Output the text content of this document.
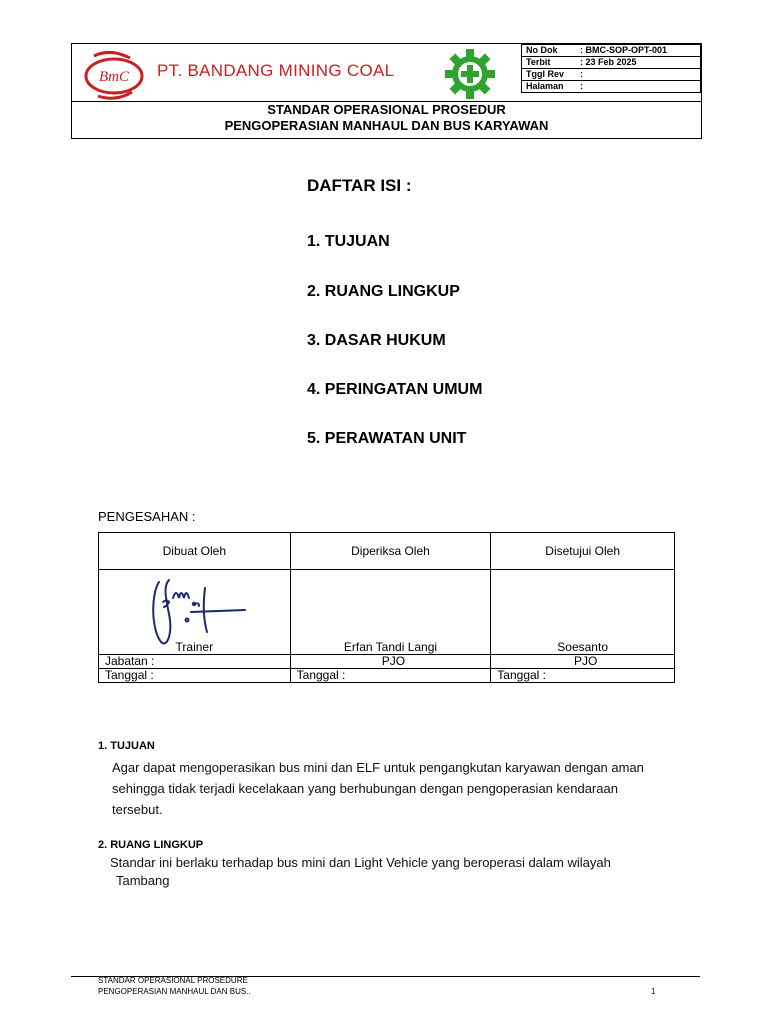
BmC PT. BANDANG MINING COAL
No Dok	: BMC-SOP-OPT-001
Terbit	: 23 Feb 2025
Tggl Rev	:
Halaman	:
STANDAR OPERASIONAL PROSEDUR
PENGOPERASIAN MANHAUL DAN BUS KARYAWAN
DAFTAR ISI :
1. TUJUAN
2. RUANG LINGKUP
3. DASAR HUKUM
4. PERINGATAN UMUM
5. PERAWATAN UNIT
PENGESAHAN :
Dibuat Oleh	Diperiksa Oleh	Disetujui Oleh

Trainer	Erfan Tandi Langi	Soesanto

Jabatan :	PJO	PJO
Tanggal :	Tanggal :	Tanggal :
1. TUJUAN
Agar dapat mengoperasikan bus mini dan ELF untuk pengangkutan karyawan dengan aman
sehingga tidak terjadi kecelakaan yang berhubungan dengan pengoperasian kendaraan
tersebut.
2. RUANG LINGKUP
Standar ini berlaku terhadap bus mini dan Light Vehicle yang beroperasi dalam wilayah
Tambang
STANDAR OPERASIONAL PROSEDURE
PENGOPERASIAN MANHAUL DAN BUS..	1
